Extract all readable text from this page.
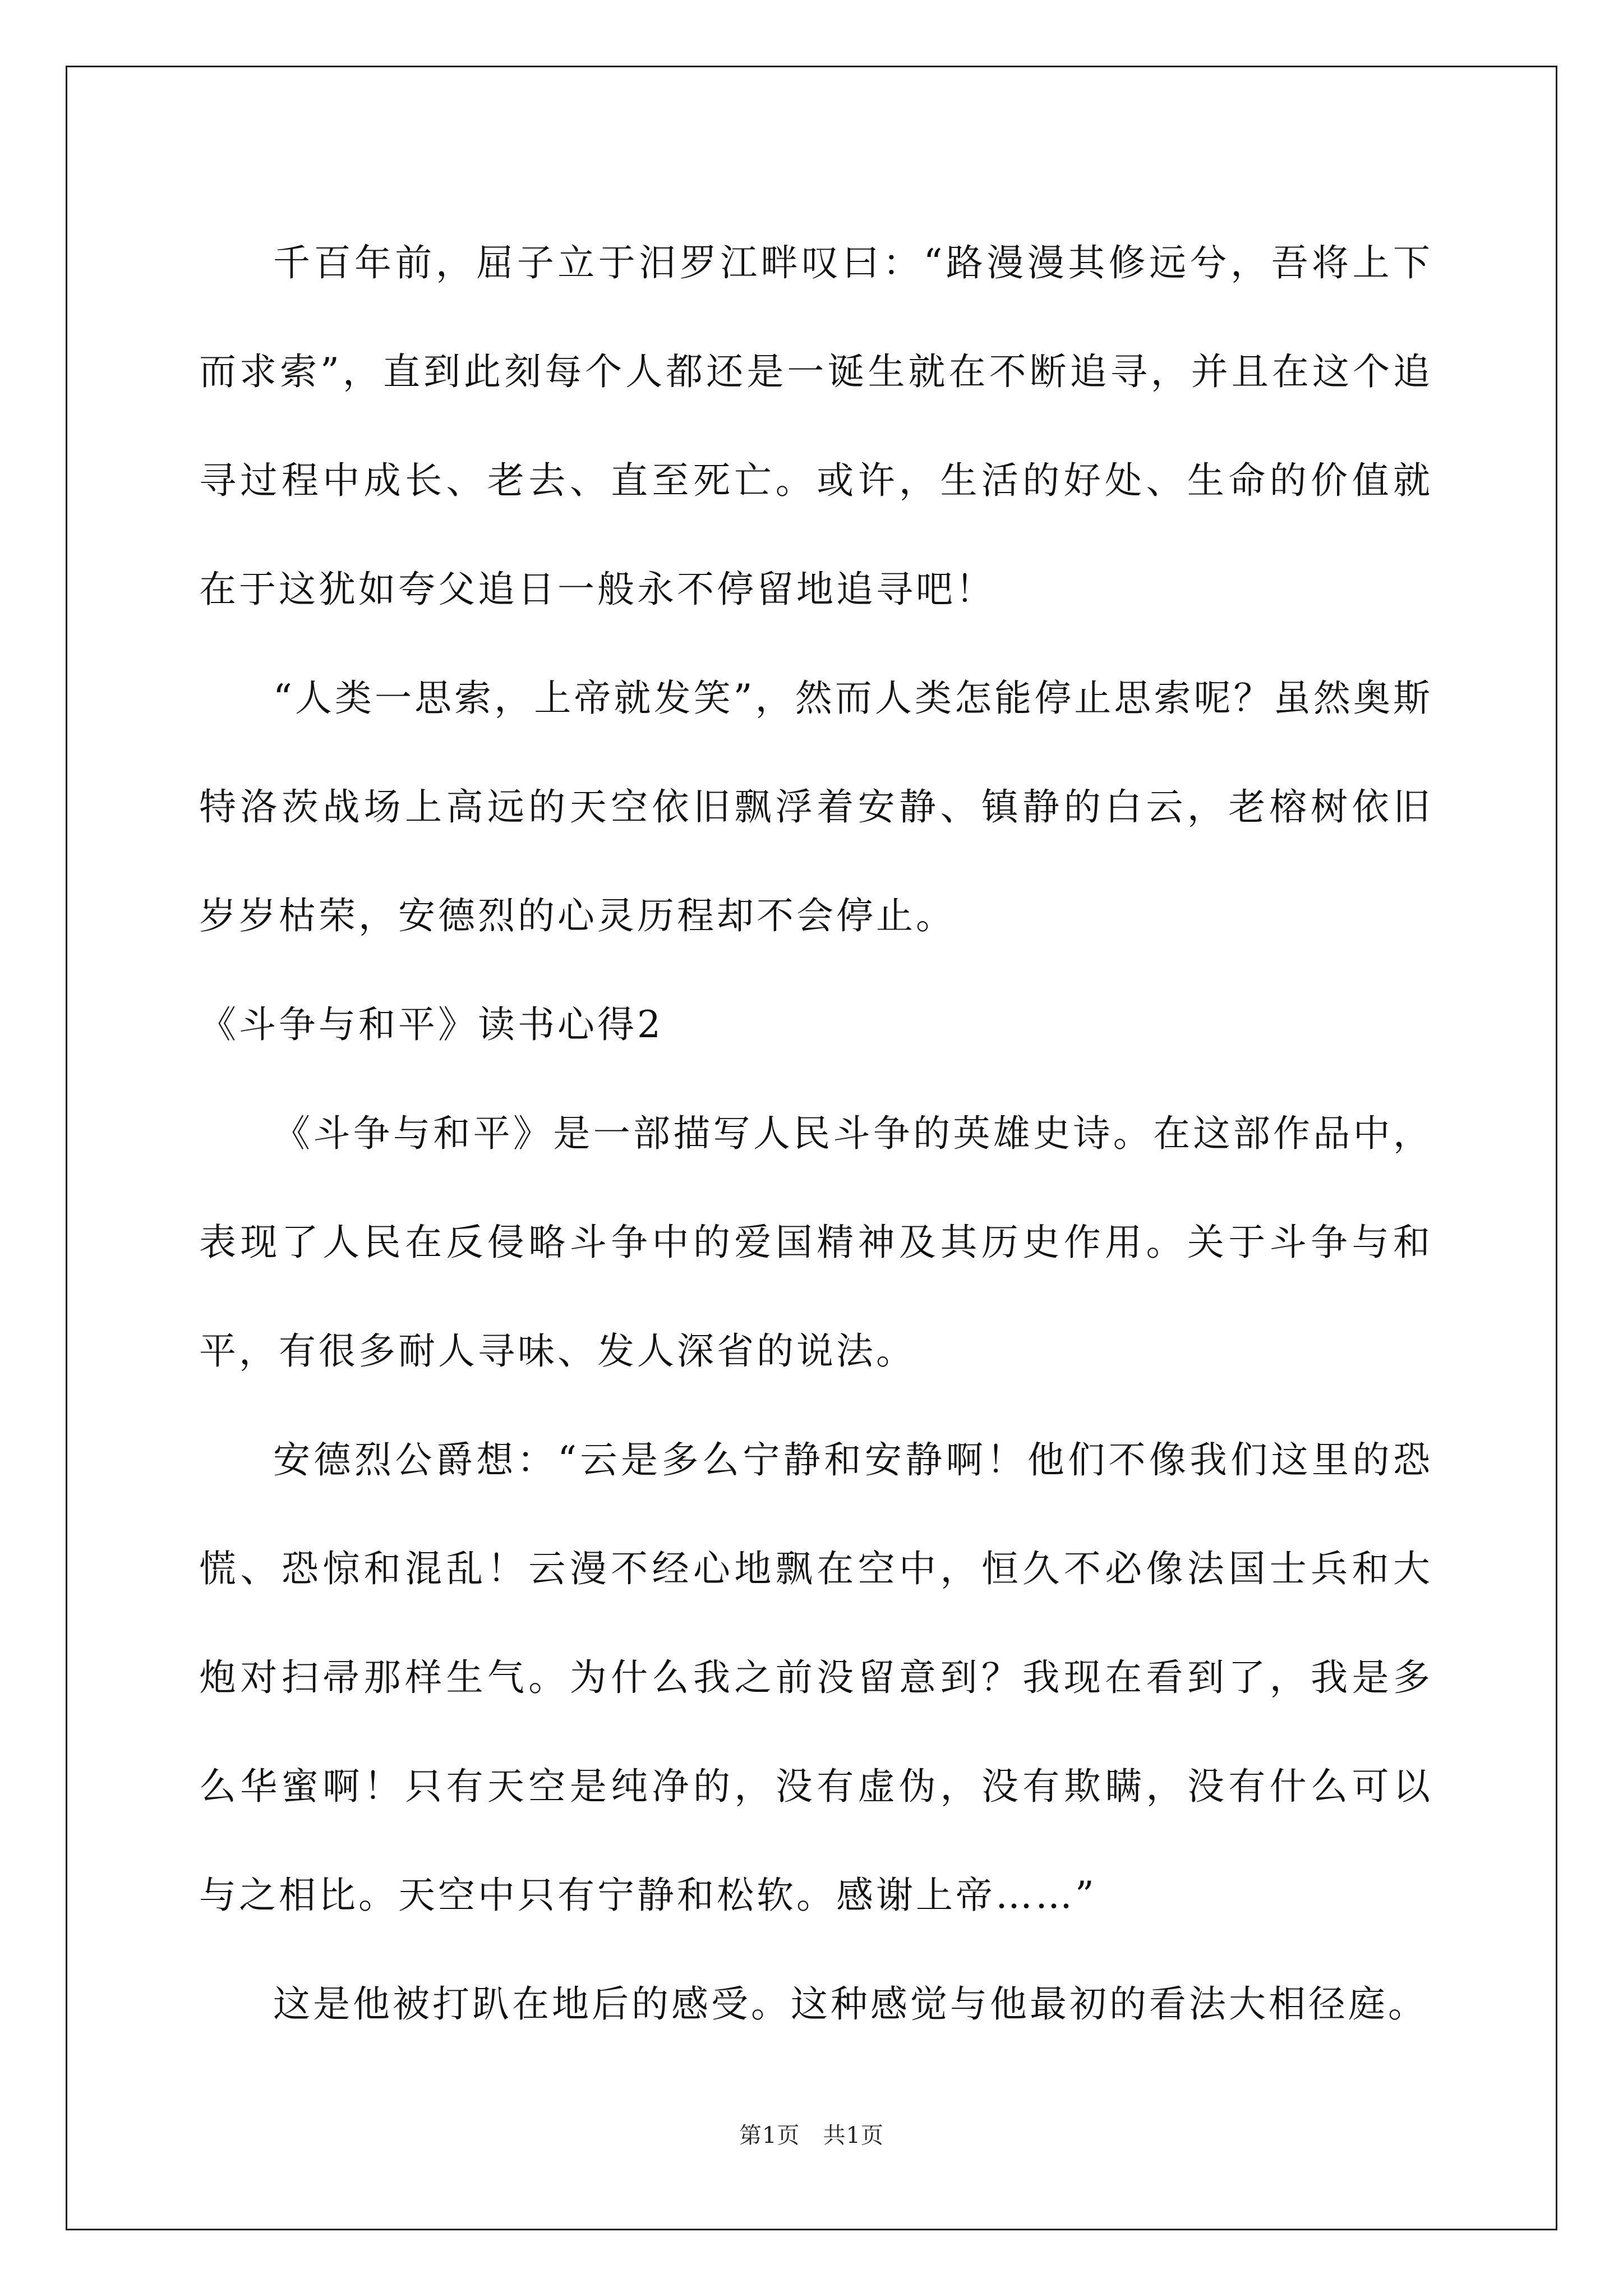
千百年前，屈子立于汨罗江畔叹曰：“路漫漫其修远兮，吾将上下而求索”，直到此刻每个人都还是一诞生就在不断追寻，并且在这个追寻过程中成长、老去、直至死亡。或许，生活的好处、生命的价值就在于这犹如夸父追日一般永不停留地追寻吧！

“人类一思索，上帝就发笑”，然而人类怎能停止思索呢？虽然奥斯特洛茨战场上高远的天空依旧飘浮着安静、镇静的白云，老榕树依旧岁岁枯荣，安德烈的心灵历程却不会停止。

《斗争与和平》读书心得2

《斗争与和平》是一部描写人民斗争的英雄史诗。在这部作品中，表现了人民在反侵略斗争中的爱国精神及其历史作用。关于斗争与和平，有很多耐人寻味、发人深省的说法。

安德烈公爵想：“云是多么宁静和安静啊！他们不像我们这里的恐慌、恐惊和混乱！云漫不经心地飘在空中，恒久不必像法国士兵和大炮对扫帚那样生气。为什么我之前没留意到？我现在看到了，我是多么华蜜啊！只有天空是纯净的，没有虚伪，没有欺瞒，没有什么可以与之相比。天空中只有宁静和松软。感谢上帝……”

这是他被打趴在地后的感受。这种感觉与他最初的看法大相径庭。

第1页 共1页
